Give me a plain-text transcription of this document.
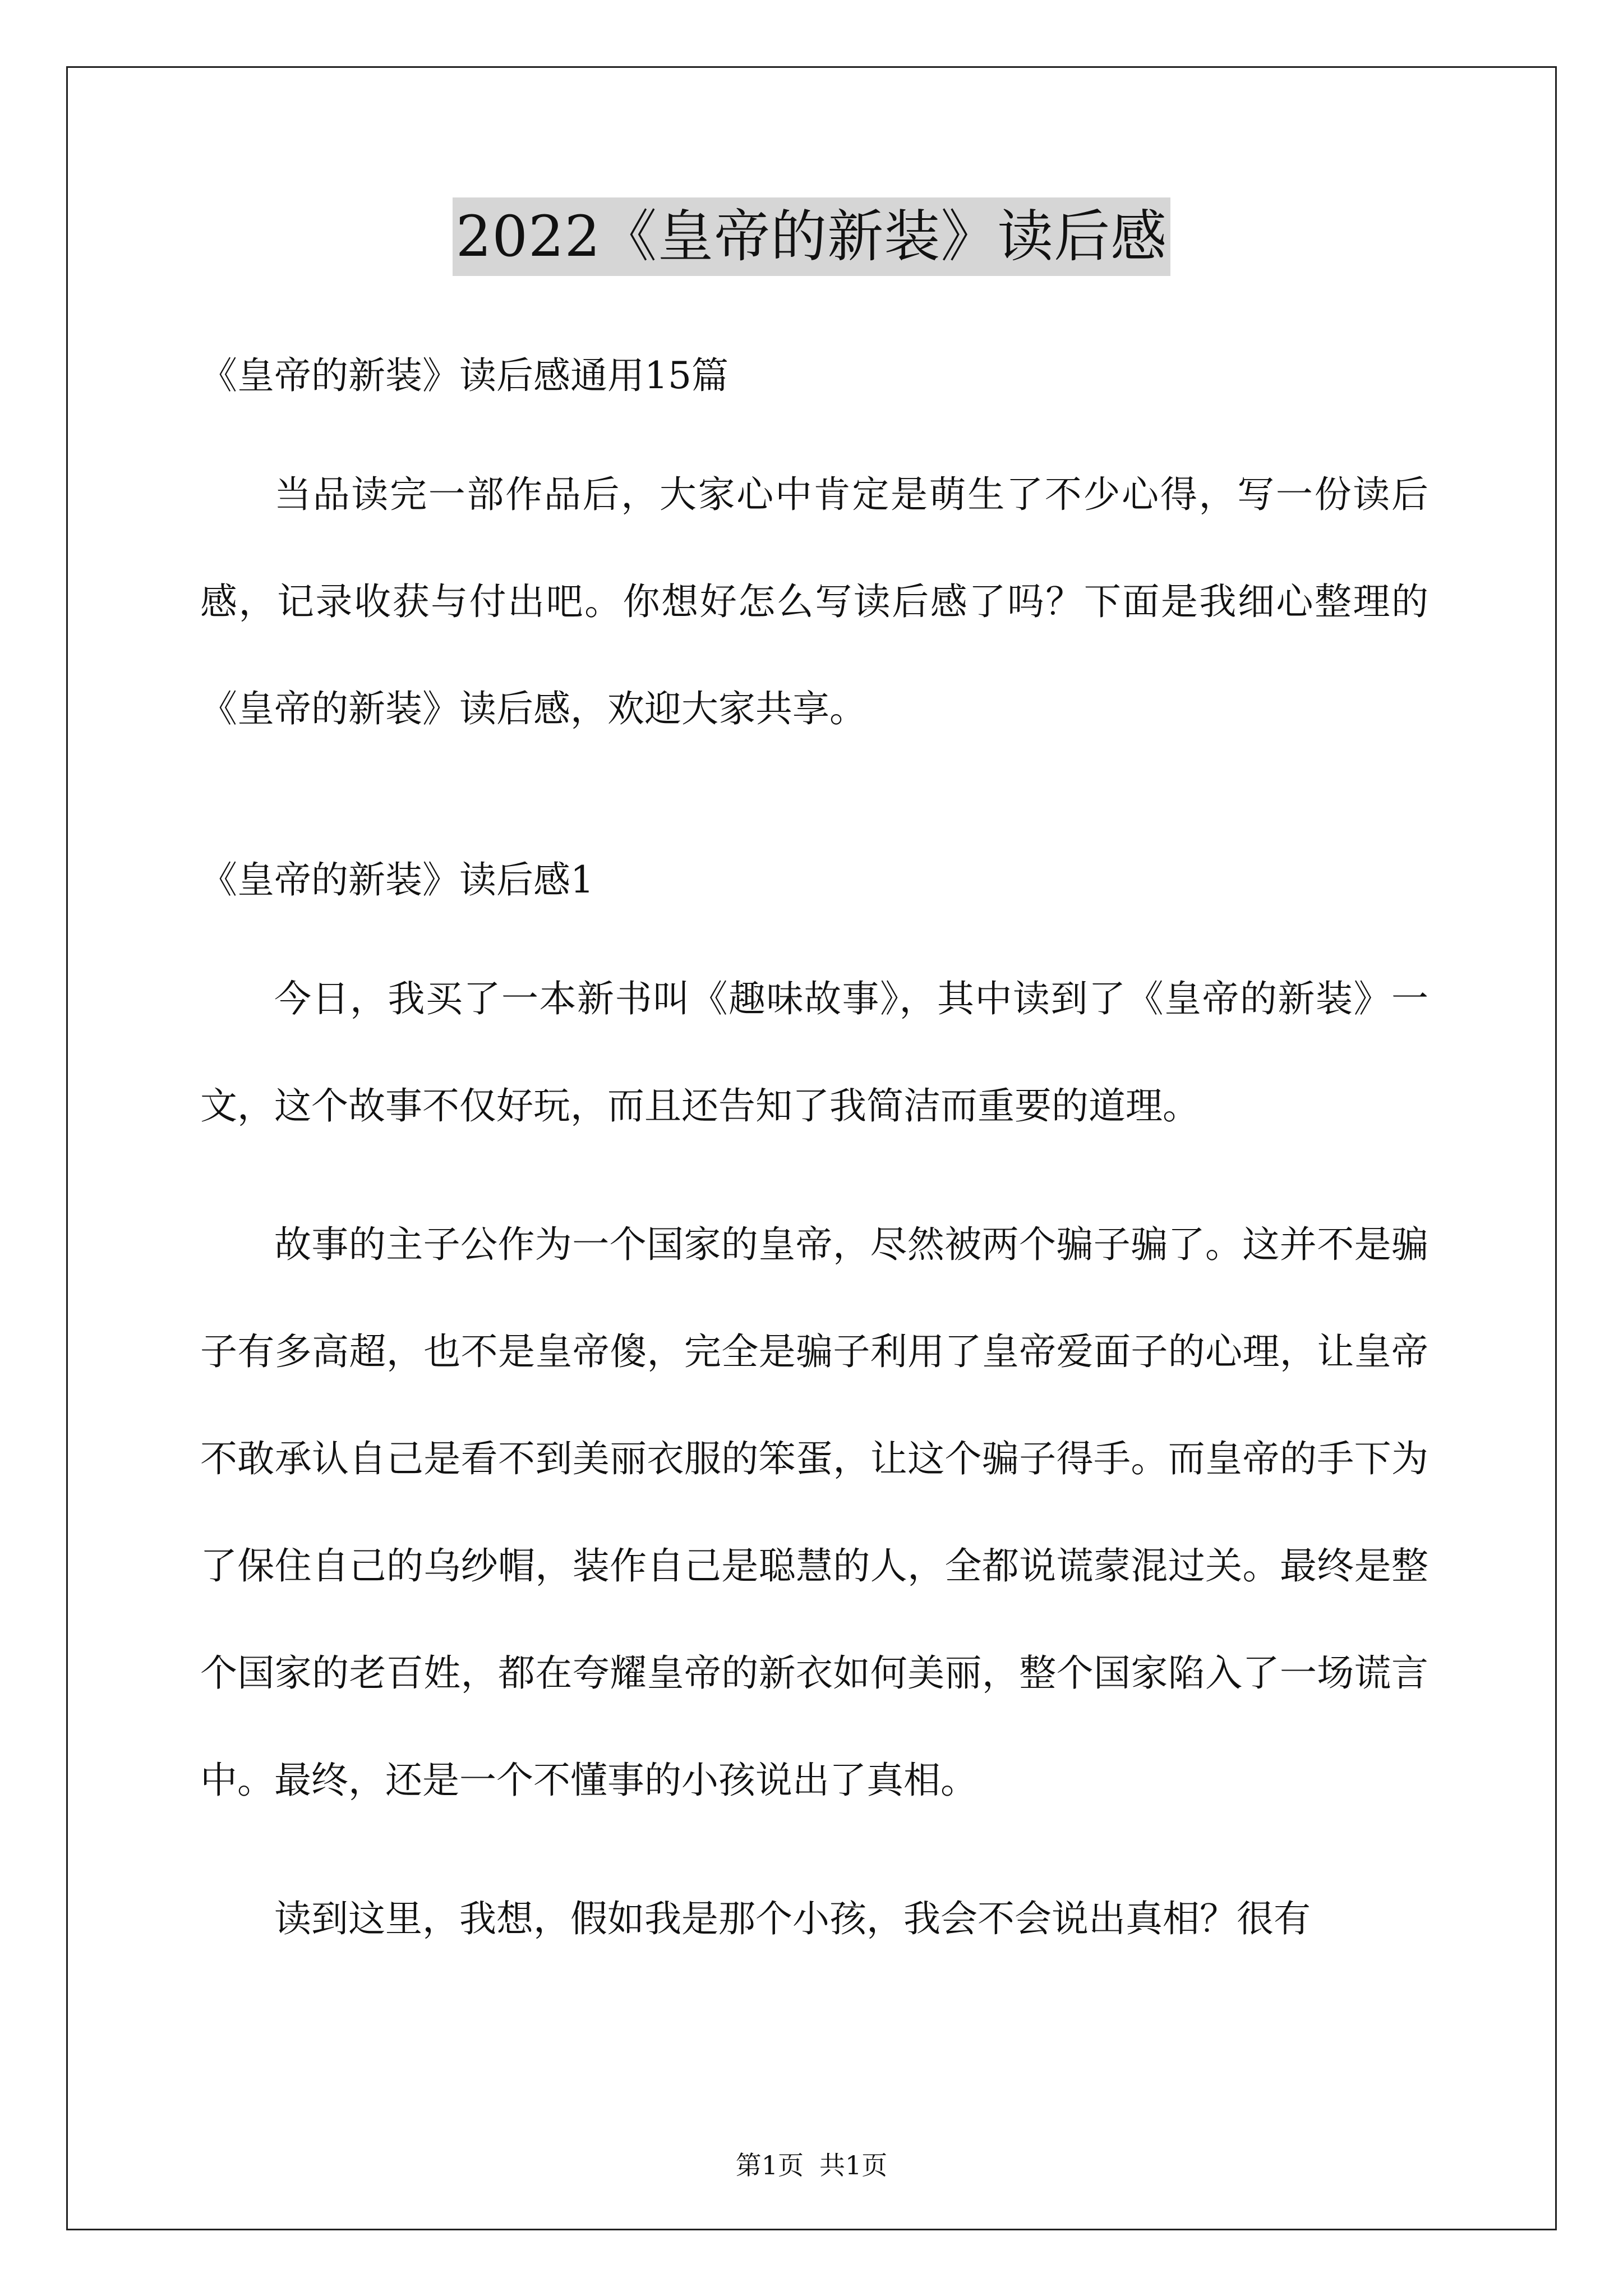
2022《皇帝的新装》读后感

《皇帝的新装》读后感通用15篇

当品读完一部作品后，大家心中肯定是萌生了不少心得，写一份读后感，记录收获与付出吧。你想好怎么写读后感了吗？下面是我细心整理的《皇帝的新装》读后感，欢迎大家共享。

《皇帝的新装》读后感1

今日，我买了一本新书叫《趣味故事》，其中读到了《皇帝的新装》一文，这个故事不仅好玩，而且还告知了我简洁而重要的道理。

故事的主子公作为一个国家的皇帝，尽然被两个骗子骗了。这并不是骗子有多高超，也不是皇帝傻，完全是骗子利用了皇帝爱面子的心理，让皇帝不敢承认自己是看不到美丽衣服的笨蛋，让这个骗子得手。而皇帝的手下为了保住自己的乌纱帽，装作自己是聪慧的人，全都说谎蒙混过关。最终是整个国家的老百姓，都在夸耀皇帝的新衣如何美丽，整个国家陷入了一场谎言中。最终，还是一个不懂事的小孩说出了真相。

读到这里，我想，假如我是那个小孩，我会不会说出真相？很有

第1页 共1页
